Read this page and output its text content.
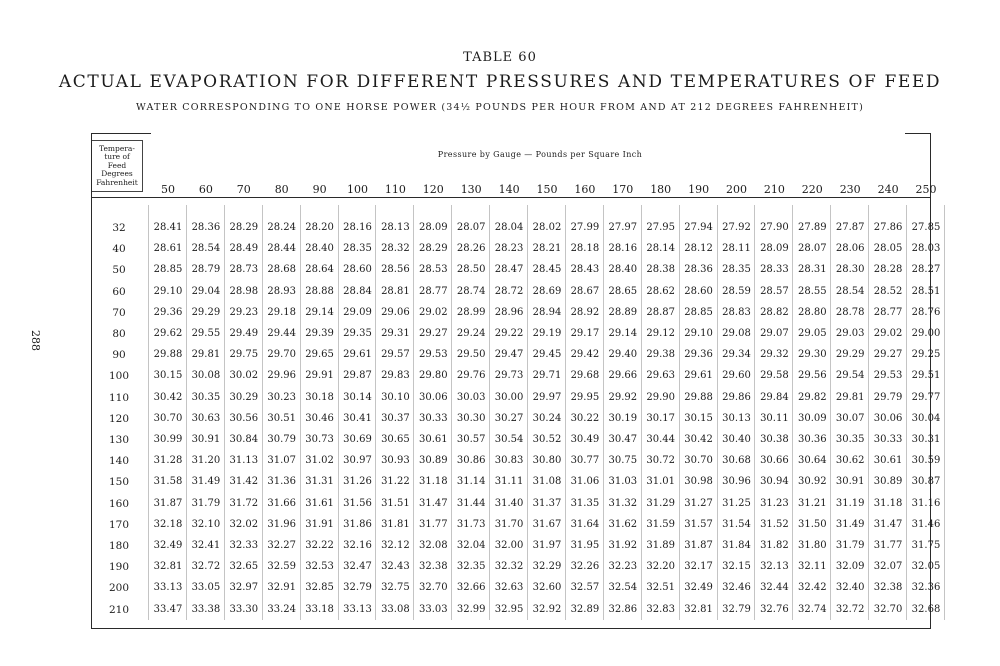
288
TABLE 60
ACTUAL EVAPORATION FOR DIFFERENT PRESSURES AND TEMPERATURES OF FEED
WATER CORRESPONDING TO ONE HORSE POWER (34½ POUNDS PER HOUR FROM AND AT 212 DEGREES FAHRENHEIT)
Tempera-
ture of
Feed
Degrees
Fahrenheit
Pressure by Gauge — Pounds per Square Inch
50	60	70	80	90	100	110	120	130	140	150	160	170	180	190	200	210	220	230	240	250
32	28.41 28.36 28.29 28.24 28.20 28.16 28.13 28.09 28.07 28.04 28.02 27.99 27.97 27.95 27.94 27.92 27.90 27.89 27.87 27.86 27.85
40	28.61 28.54 28.49 28.44 28.40 28.35 28.32 28.29 28.26 28.23 28.21 28.18 28.16 28.14 28.12 28.11 28.09 28.07 28.06 28.05 28.03
50	28.85 28.79 28.73 28.68 28.64 28.60 28.56 28.53 28.50 28.47 28.45 28.43 28.40 28.38 28.36 28.35 28.33 28.31 28.30 28.28 28.27
60	29.10 29.04 28.98 28.93 28.88 28.84 28.81 28.77 28.74 28.72 28.69 28.67 28.65 28.62 28.60 28.59 28.57 28.55 28.54 28.52 28.51
70	29.36 29.29 29.23 29.18 29.14 29.09 29.06 29.02 28.99 28.96 28.94 28.92 28.89 28.87 28.85 28.83 28.82 28.80 28.78 28.77 28.76
80	29.62 29.55 29.49 29.44 29.39 29.35 29.31 29.27 29.24 29.22 29.19 29.17 29.14 29.12 29.10 29.08 29.07 29.05 29.03 29.02 29.00
90	29.88 29.81 29.75 29.70 29.65 29.61 29.57 29.53 29.50 29.47 29.45 29.42 29.40 29.38 29.36 29.34 29.32 29.30 29.29 29.27 29.25
100	30.15 30.08 30.02 29.96 29.91 29.87 29.83 29.80 29.76 29.73 29.71 29.68 29.66 29.63 29.61 29.60 29.58 29.56 29.54 29.53 29.51
110	30.42 30.35 30.29 30.23 30.18 30.14 30.10 30.06 30.03 30.00 29.97 29.95 29.92 29.90 29.88 29.86 29.84 29.82 29.81 29.79 29.77
120	30.70 30.63 30.56 30.51 30.46 30.41 30.37 30.33 30.30 30.27 30.24 30.22 30.19 30.17 30.15 30.13 30.11 30.09 30.07 30.06 30.04
130	30.99 30.91 30.84 30.79 30.73 30.69 30.65 30.61 30.57 30.54 30.52 30.49 30.47 30.44 30.42 30.40 30.38 30.36 30.35 30.33 30.31
140	31.28 31.20 31.13 31.07 31.02 30.97 30.93 30.89 30.86 30.83 30.80 30.77 30.75 30.72 30.70 30.68 30.66 30.64 30.62 30.61 30.59
150	31.58 31.49 31.42 31.36 31.31 31.26 31.22 31.18 31.14 31.11 31.08 31.06 31.03 31.01 30.98 30.96 30.94 30.92 30.91 30.89 30.87
160	31.87 31.79 31.72 31.66 31.61 31.56 31.51 31.47 31.44 31.40 31.37 31.35 31.32 31.29 31.27 31.25 31.23 31.21 31.19 31.18 31.16
170	32.18 32.10 32.02 31.96 31.91 31.86 31.81 31.77 31.73 31.70 31.67 31.64 31.62 31.59 31.57 31.54 31.52 31.50 31.49 31.47 31.46
180	32.49 32.41 32.33 32.27 32.22 32.16 32.12 32.08 32.04 32.00 31.97 31.95 31.92 31.89 31.87 31.84 31.82 31.80 31.79 31.77 31.75
190	32.81 32.72 32.65 32.59 32.53 32.47 32.43 32.38 32.35 32.32 32.29 32.26 32.23 32.20 32.17 32.15 32.13 32.11 32.09 32.07 32.05
200	33.13 33.05 32.97 32.91 32.85 32.79 32.75 32.70 32.66 32.63 32.60 32.57 32.54 32.51 32.49 32.46 32.44 32.42 32.40 32.38 32.36
210	33.47 33.38 33.30 33.24 33.18 33.13 33.08 33.03 32.99 32.95 32.92 32.89 32.86 32.83 32.81 32.79 32.76 32.74 32.72 32.70 32.68
